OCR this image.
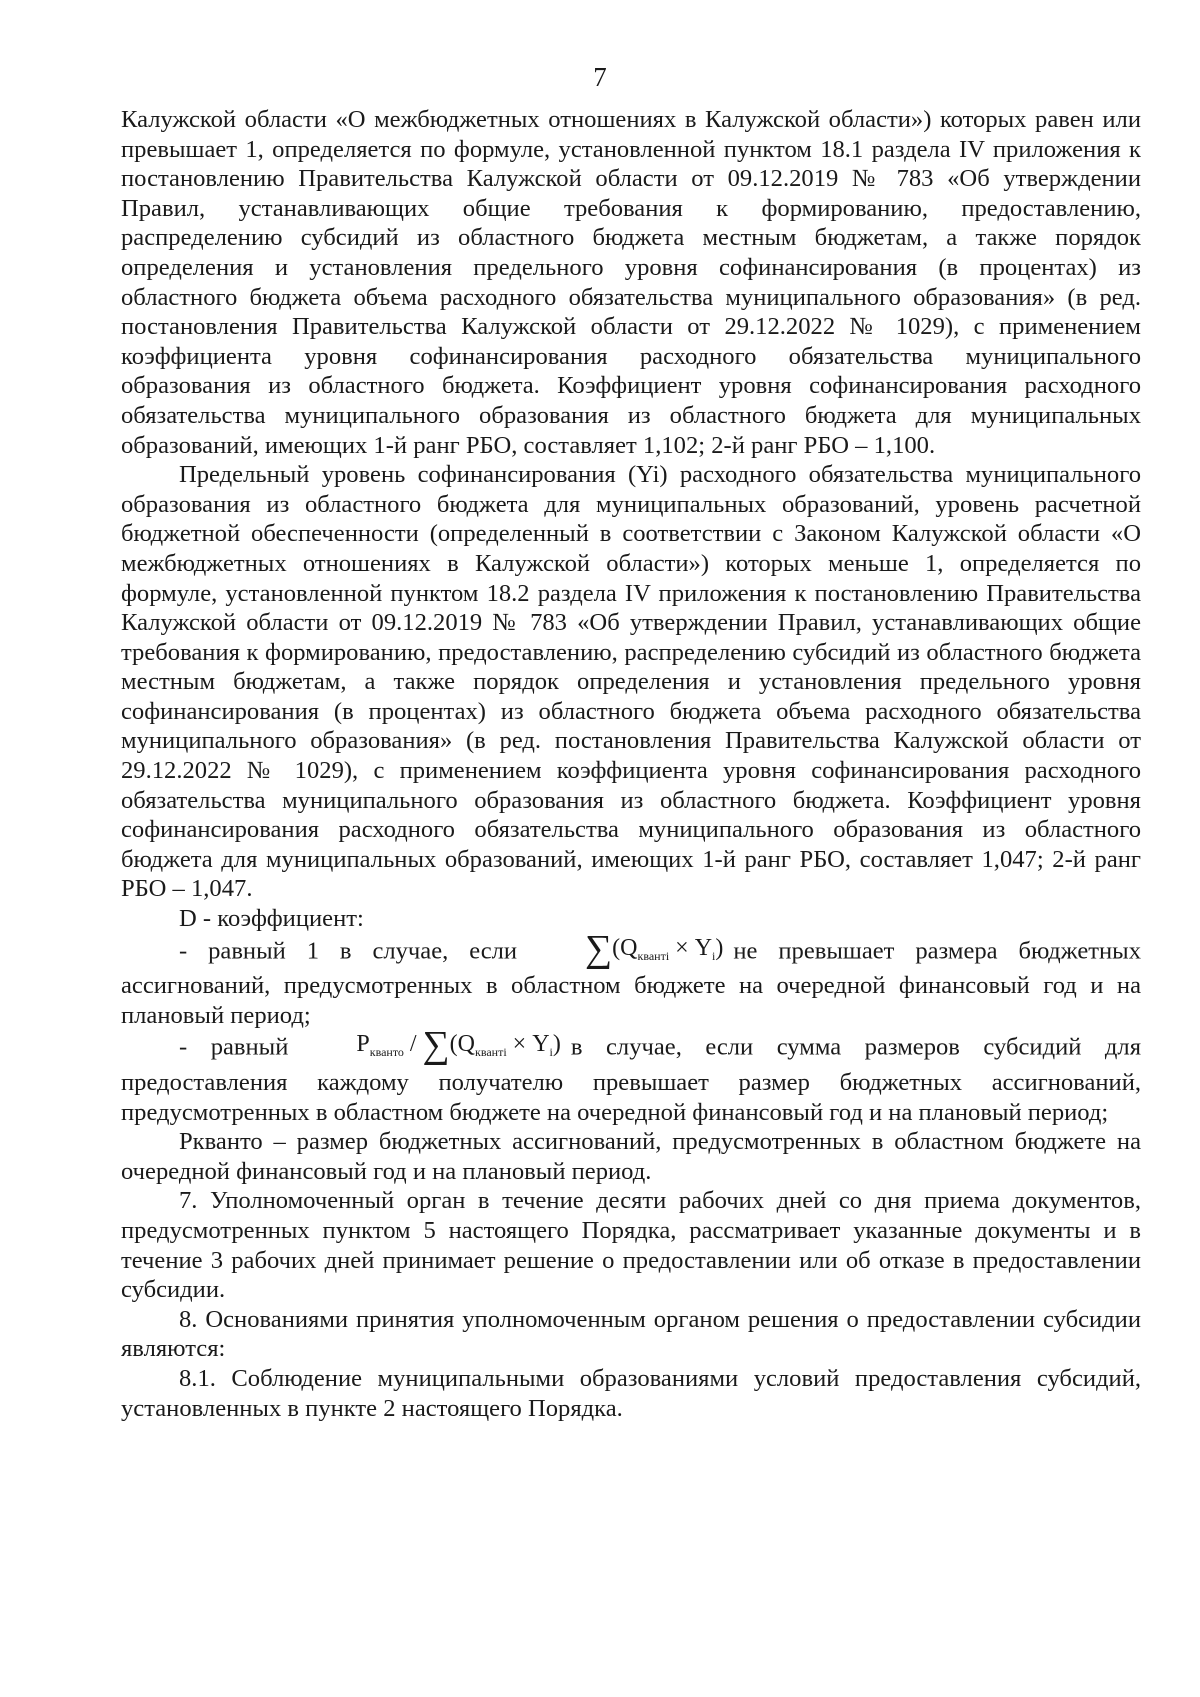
7

Калужской области «О межбюджетных отношениях в Калужской области») которых равен или превышает 1, определяется по формуле, установленной пунктом 18.1 раздела IV приложения к постановлению Правительства Калужской области от 09.12.2019 № 783 «Об утверждении Правил, устанавливающих общие требования к формированию, предоставлению, распределению субсидий из областного бюджета местным бюджетам, а также порядок определения и установления предельного уровня софинансирования (в процентах) из областного бюджета объема расходного обязательства муниципального образования» (в ред. постановления Правительства Калужской области от 29.12.2022 № 1029), с применением коэффициента уровня софинансирования расходного обязательства муниципального образования из областного бюджета. Коэффициент уровня софинансирования расходного обязательства муниципального образования из областного бюджета для муниципальных образований, имеющих 1-й ранг РБО, составляет 1,102; 2-й ранг РБО – 1,100.

Предельный уровень софинансирования (Yi) расходного обязательства муниципального образования из областного бюджета для муниципальных образований, уровень расчетной бюджетной обеспеченности (определенный в соответствии с Законом Калужской области «О межбюджетных отношениях в Калужской области») которых меньше 1, определяется по формуле, установленной пунктом 18.2 раздела IV приложения к постановлению Правительства Калужской области от 09.12.2019 № 783 «Об утверждении Правил, устанавливающих общие требования к формированию, предоставлению, распределению субсидий из областного бюджета местным бюджетам, а также порядок определения и установления предельного уровня софинансирования (в процентах) из областного бюджета объема расходного обязательства муниципального образования» (в ред. постановления Правительства Калужской области от 29.12.2022 № 1029), с применением коэффициента уровня софинансирования расходного обязательства муниципального образования из областного бюджета. Коэффициент уровня софинансирования расходного обязательства муниципального образования из областного бюджета для муниципальных образований, имеющих 1-й ранг РБО, составляет 1,047; 2-й ранг РБО – 1,047.

D - коэффициент:

- равный 1 в случае, если $\sum(Q_{кванті} \times Y_i)$ не превышает размера бюджетных ассигнований, предусмотренных в областном бюджете на очередной финансовый год и на плановый период;

- равный	$P_{кванто} / \sum(Q_{кванті} \times Y_i)$ в случае, если сумма размеров субсидий для предоставления каждому получателю превышает размер бюджетных ассигнований, предусмотренных в областном бюджете на очередной финансовый год и на плановый период;

Ркванто – размер бюджетных ассигнований, предусмотренных в областном бюджете на очередной финансовый год и на плановый период.

7. Уполномоченный орган в течение десяти рабочих дней со дня приема документов, предусмотренных пунктом 5 настоящего Порядка, рассматривает указанные документы и в течение 3 рабочих дней принимает решение о предоставлении или об отказе в предоставлении субсидии.

8. Основаниями принятия уполномоченным органом решения о предоставлении субсидии являются:

8.1. Соблюдение муниципальными образованиями условий предоставления субсидий, установленных в пункте 2 настоящего Порядка.
